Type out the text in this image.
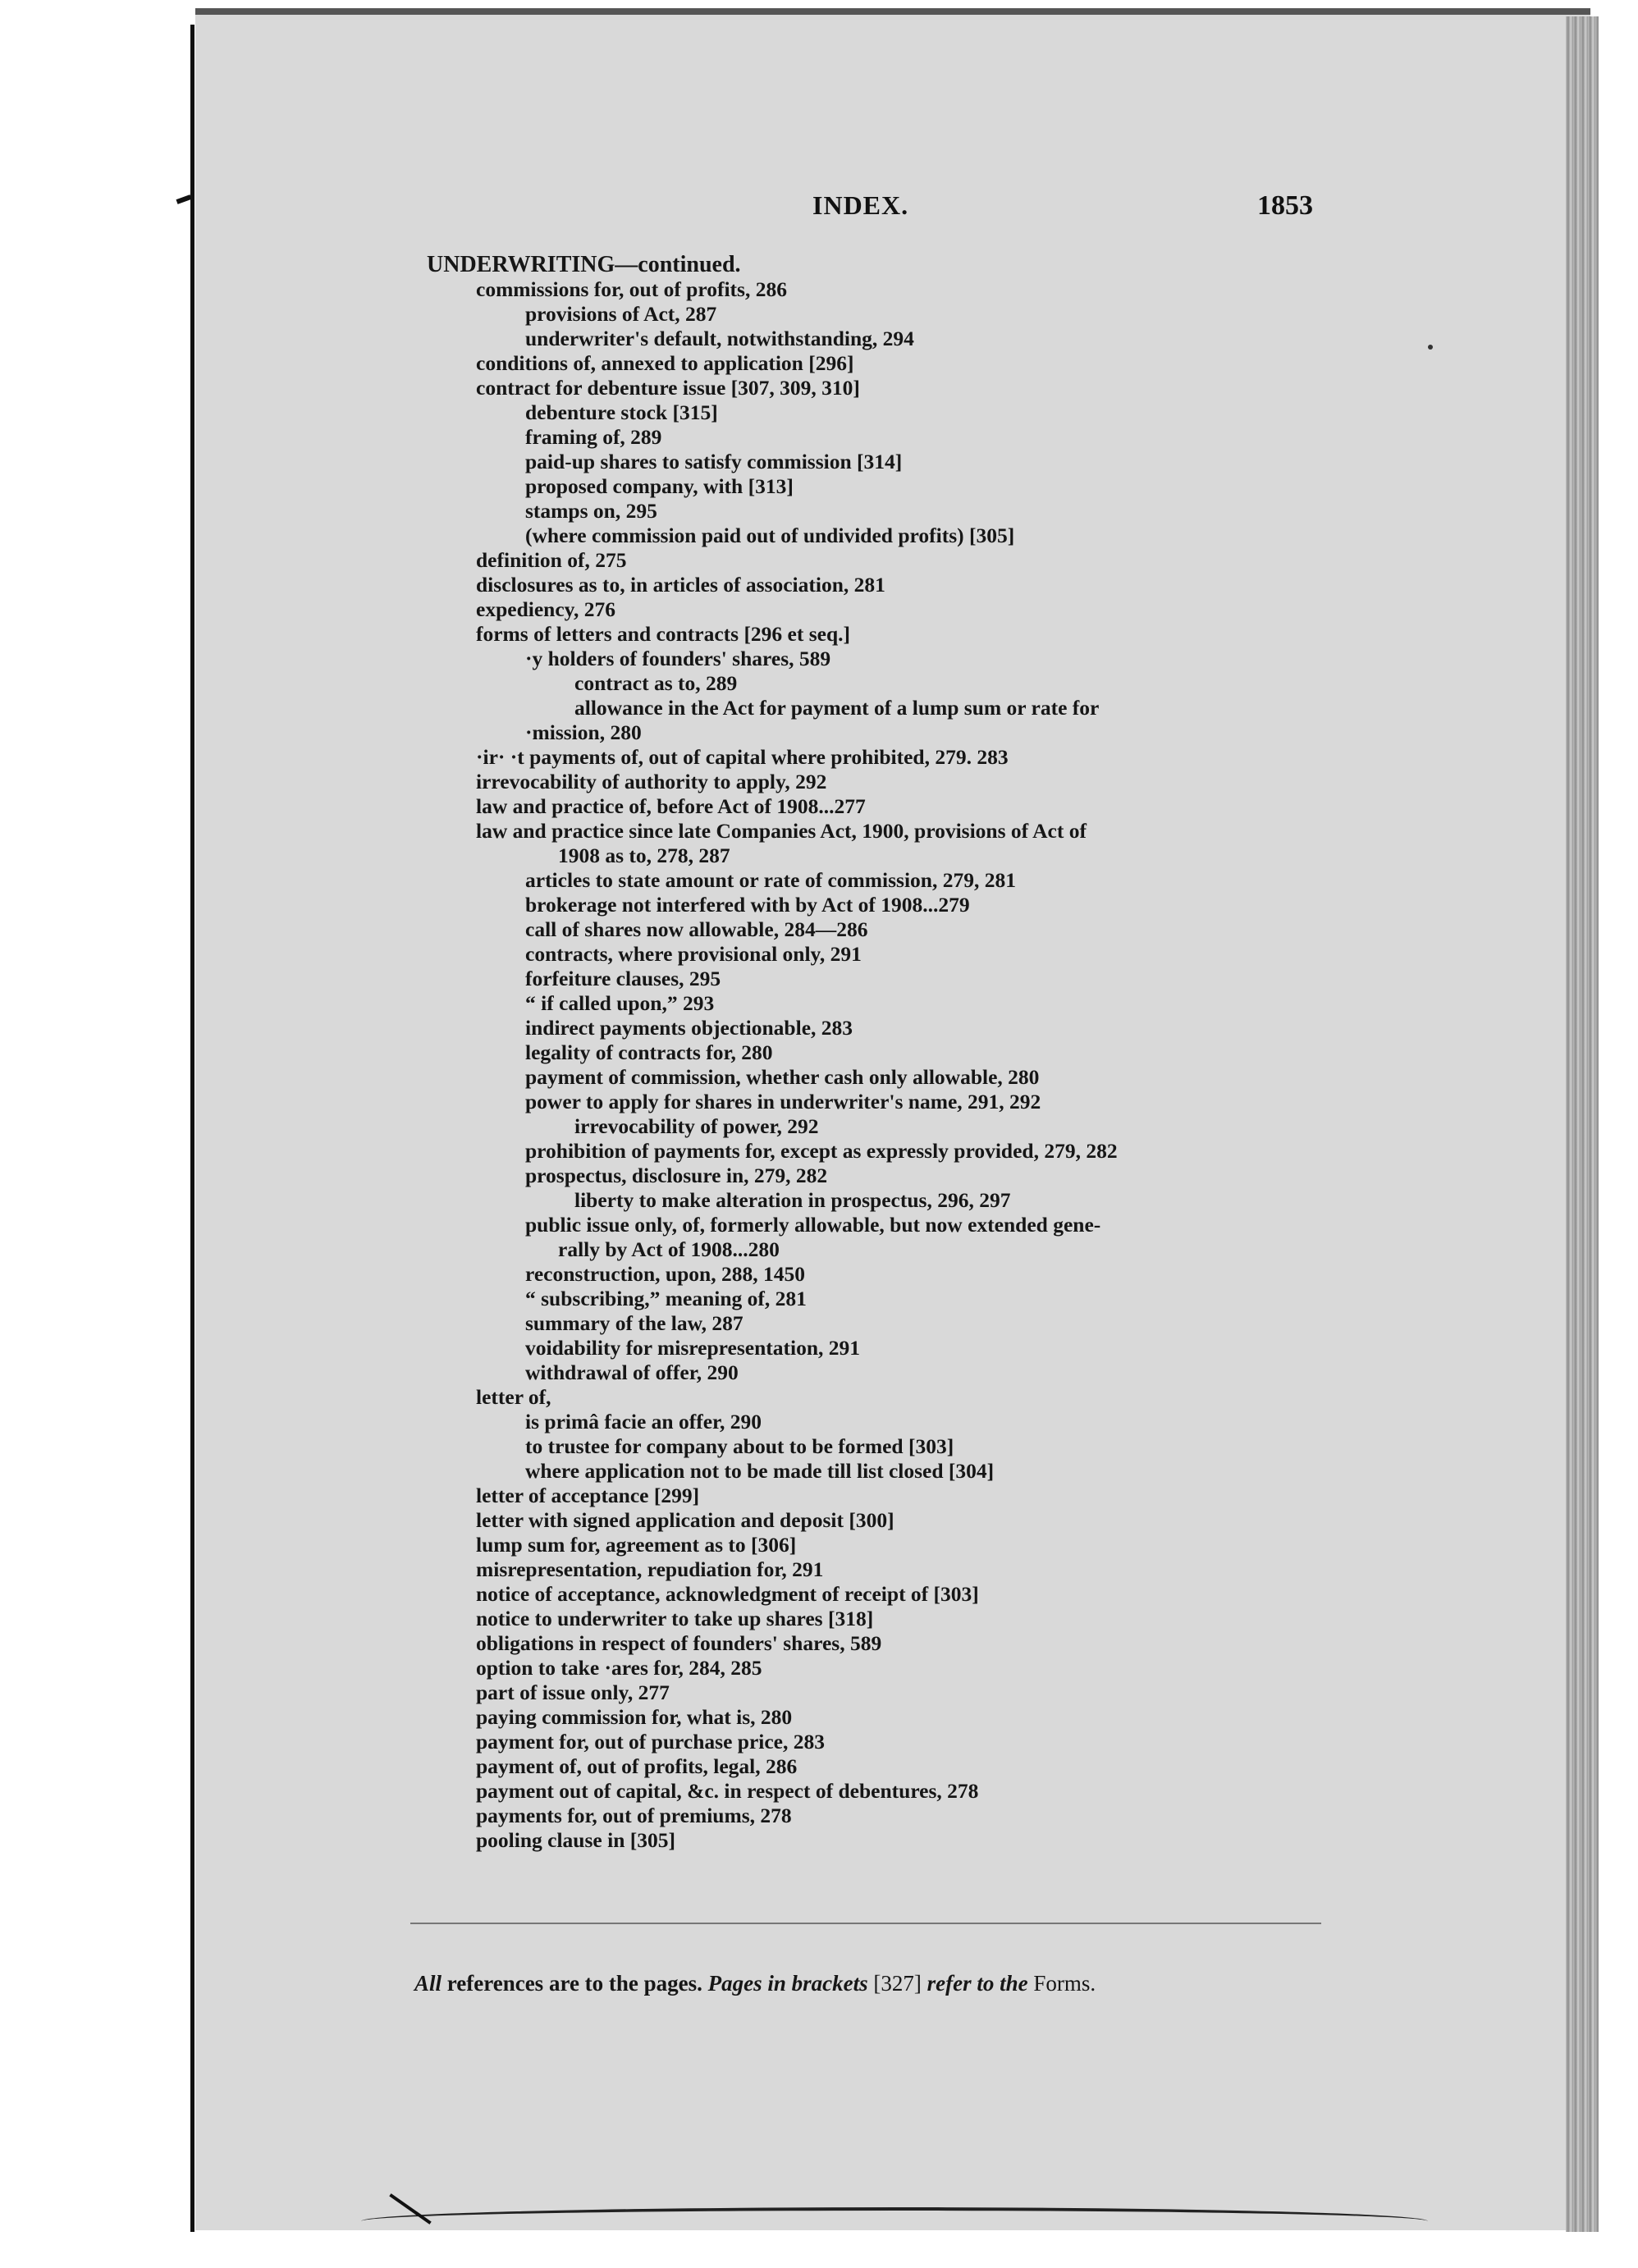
INDEX.	1853
UNDERWRITING—continued.
commissions for, out of profits, 286
provisions of Act, 287
underwriter's default, notwithstanding, 294
conditions of, annexed to application [296]
contract for debenture issue [307, 309, 310]
debenture stock [315]
framing of, 289
paid-up shares to satisfy commission [314]
proposed company, with [313]
stamps on, 295
(where commission paid out of undivided profits) [305]
definition of, 275
disclosures as to, in articles of association, 281
expediency, 276
forms of letters and contracts [296 et seq.]
·y holders of founders' shares, 589
contract as to, 289
allowance in the Act for payment of a lump sum or rate for
·mission, 280
·ir· ·t payments of, out of capital where prohibited, 279. 283
irrevocability of authority to apply, 292
law and practice of, before Act of 1908...277
law and practice since late Companies Act, 1900, provisions of Act of
1908 as to, 278, 287
articles to state amount or rate of commission, 279, 281
brokerage not interfered with by Act of 1908...279
call of shares now allowable, 284—286
contracts, where provisional only, 291
forfeiture clauses, 295
“ if called upon,” 293
indirect payments objectionable, 283
legality of contracts for, 280
payment of commission, whether cash only allowable, 280
power to apply for shares in underwriter's name, 291, 292
irrevocability of power, 292
prohibition of payments for, except as expressly provided, 279, 282
prospectus, disclosure in, 279, 282
liberty to make alteration in prospectus, 296, 297
public issue only, of, formerly allowable, but now extended gene-
rally by Act of 1908...280
reconstruction, upon, 288, 1450
“ subscribing,” meaning of, 281
summary of the law, 287
voidability for misrepresentation, 291
withdrawal of offer, 290
letter of,
is primâ facie an offer, 290
to trustee for company about to be formed [303]
where application not to be made till list closed [304]
letter of acceptance [299]
letter with signed application and deposit [300]
lump sum for, agreement as to [306]
misrepresentation, repudiation for, 291
notice of acceptance, acknowledgment of receipt of [303]
notice to underwriter to take up shares [318]
obligations in respect of founders' shares, 589
option to take ·ares for, 284, 285
part of issue only, 277
paying commission for, what is, 280
payment for, out of purchase price, 283
payment of, out of profits, legal, 286
payment out of capital, &c. in respect of debentures, 278
payments for, out of premiums, 278
pooling clause in [305]
All references are to the pages. Pages in brackets [327] refer to the Forms.
